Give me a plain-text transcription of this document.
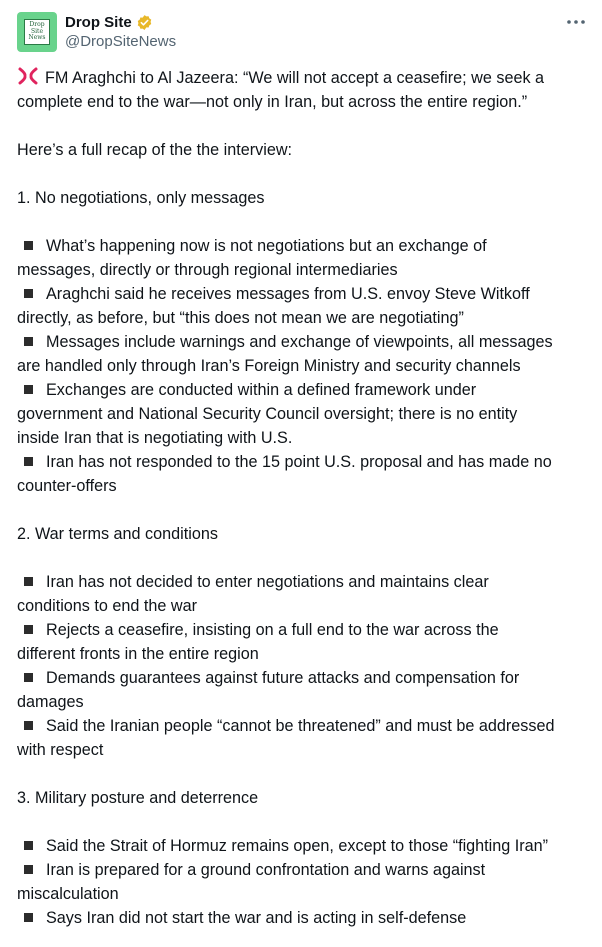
Drop
Site
News
Drop Site
@DropSiteNews
FM Araghchi to Al Jazeera: “We will not accept a ceasefire; we seek a
complete end to the war—not only in Iran, but across the entire region.”
Here’s a full recap of the the interview:
1. No negotiations, only messages
What’s happening now is not negotiations but an exchange of
messages, directly or through regional intermediaries
Araghchi said he receives messages from U.S. envoy Steve Witkoff
directly, as before, but “this does not mean we are negotiating”
Messages include warnings and exchange of viewpoints, all messages
are handled only through Iran’s Foreign Ministry and security channels
Exchanges are conducted within a defined framework under
government and National Security Council oversight; there is no entity
inside Iran that is negotiating with U.S.
Iran has not responded to the 15 point U.S. proposal and has made no
counter-offers
2. War terms and conditions
Iran has not decided to enter negotiations and maintains clear
conditions to end the war
Rejects a ceasefire, insisting on a full end to the war across the
different fronts in the entire region
Demands guarantees against future attacks and compensation for
damages
Said the Iranian people “cannot be threatened” and must be addressed
with respect
3. Military posture and deterrence
Said the Strait of Hormuz remains open, except to those “fighting Iran”
Iran is prepared for a ground confrontation and warns against
miscalculation
Says Iran did not start the war and is acting in self-defense
